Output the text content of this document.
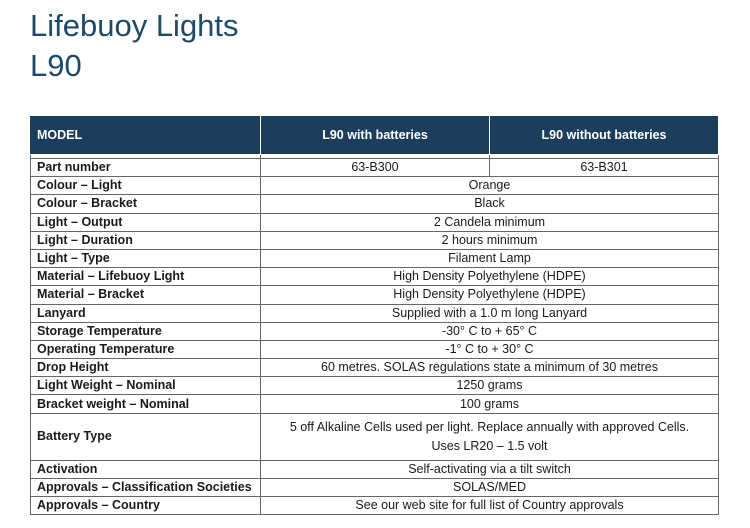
Lifebuoy Lights
L90
MODEL	L90 with batteries	L90 without batteries

Part number	63-B300	63-B301
Colour – Light	Orange	
Colour – Bracket	Black	
Light – Output	2 Candela minimum	
Light – Duration	2 hours minimum	
Light – Type	Filament Lamp	
Material – Lifebuoy Light	High Density Polyethylene (HDPE)	
Material – Bracket	High Density Polyethylene (HDPE)	
Lanyard	Supplied with a 1.0 m long Lanyard	
Storage Temperature	-30° C to + 65° C	
Operating Temperature	-1° C to + 30° C	
Drop Height	60 metres. SOLAS regulations state a minimum of 30 metres	
Light Weight – Nominal	1250 grams	
Bracket weight – Nominal	100 grams	
Battery Type	5 off Alkaline Cells used per light. Replace annually with approved Cells.
Uses LR20 – 1.5 volt	
Activation	Self-activating via a tilt switch	
Approvals – Classification Societies	SOLAS/MED	
Approvals – Country	See our web site for full list of Country approvals	
